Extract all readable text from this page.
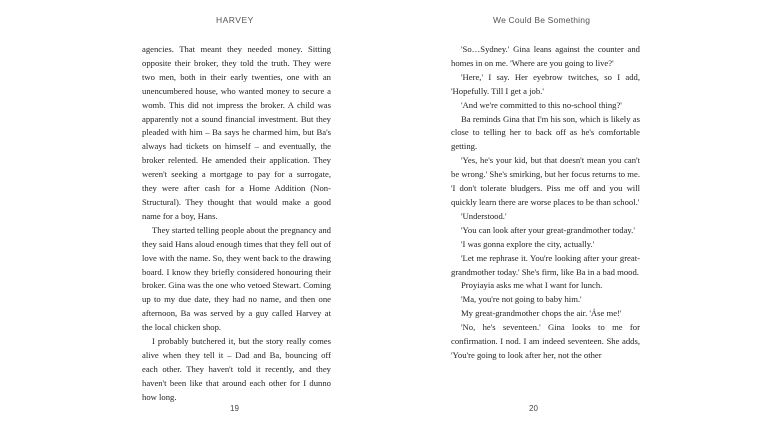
HARVEY

agencies. That meant they needed money. Sitting opposite their broker, they told the truth. They were two men, both in their early twenties, one with an unencumbered house, who wanted money to secure a womb. This did not impress the broker. A child was apparently not a sound financial investment. But they pleaded with him – Ba says he charmed him, but Ba's always had tickets on himself – and eventually, the broker relented. He amended their application. They weren't seeking a mortgage to pay for a surrogate, they were after cash for a Home Addition (Non-Structural). They thought that would make a good name for a boy, Hans.

They started telling people about the pregnancy and they said Hans aloud enough times that they fell out of love with the name. So, they went back to the drawing board. I know they briefly considered honouring their broker. Gina was the one who vetoed Stewart. Coming up to my due date, they had no name, and then one afternoon, Ba was served by a guy called Harvey at the local chicken shop.

I probably butchered it, but the story really comes alive when they tell it – Dad and Ba, bouncing off each other. They haven't told it recently, and they haven't been like that around each other for I dunno how long.

19
We Could Be Something

'So…Sydney.' Gina leans against the counter and homes in on me. 'Where are you going to live?'

'Here,' I say. Her eyebrow twitches, so I add, 'Hopefully. Till I get a job.'

'And we're committed to this no-school thing?'

Ba reminds Gina that I'm his son, which is likely as close to telling her to back off as he's comfortable getting.

'Yes, he's your kid, but that doesn't mean you can't be wrong.' She's smirking, but her focus returns to me. 'I don't tolerate bludgers. Piss me off and you will quickly learn there are worse places to be than school.'

'Understood.'

'You can look after your great-grandmother today.'

'I was gonna explore the city, actually.'

'Let me rephrase it. You're looking after your great-grandmother today.' She's firm, like Ba in a bad mood.

Proyiayia asks me what I want for lunch.

'Ma, you're not going to baby him.'

My great-grandmother chops the air. 'Áse me!'

'No, he's seventeen.' Gina looks to me for confirmation. I nod. I am indeed seventeen. She adds, 'You're going to look after her, not the other

20
